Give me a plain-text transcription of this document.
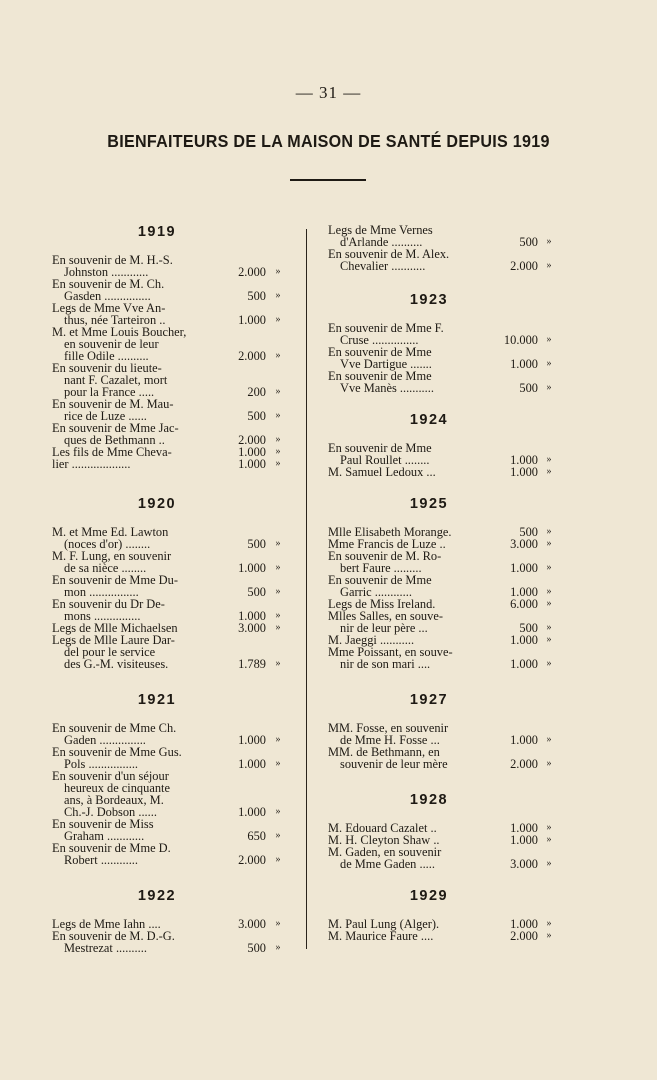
— 31 —
BIENFAITEURS DE LA MAISON DE SANTÉ DEPUIS 1919
1919
En souvenir de M. H.-S.
Johnston ............	2.000 »
En souvenir de M. Ch.
Gasden ...............	500 »
Legs de Mme Vve An-
thus, née Tarteiron ..	1.000 »
M. et Mme Louis Boucher,
en souvenir de leur
fille Odile ..........	2.000 »
En souvenir du lieute-
nant F. Cazalet, mort
pour la France .....	200 »
En souvenir de M. Mau-
rice de Luze ......	500 »
En souvenir de Mme Jac-
ques de Bethmann ..	2.000 »
Les fils de Mme Cheva-	1.000 »
lier ...................	1.000 »
1920
M. et Mme Ed. Lawton
(noces d'or) ........	500 »
M. F. Lung, en souvenir
de sa nièce ........	1.000 »
En souvenir de Mme Du-
mon ................	500 »
En souvenir du Dr De-
mons ...............	1.000 »
Legs de Mlle Michaelsen	3.000 »
Legs de Mlle Laure Dar-
del pour le service
des G.-M. visiteuses.	1.789 »
1921
En souvenir de Mme Ch.
Gaden ...............	1.000 »
En souvenir de Mme Gus.
Pols ................	1.000 »
En souvenir d'un séjour
heureux de cinquante
ans, à Bordeaux, M.
Ch.-J. Dobson ......	1.000 »
En souvenir de Miss
Graham ............	650 »
En souvenir de Mme D.
Robert ............	2.000 »
1922
Legs de Mme Iahn ....	3.000 »
En souvenir de M. D.-G.
Mestrezat ..........	500 »
Legs de Mme Vernes
d'Arlande ..........	500 »
En souvenir de M. Alex.
Chevalier ...........	2.000 »
1923
En souvenir de Mme F.
Cruse ...............	10.000 »
En souvenir de Mme
Vve Dartigue .......	1.000 »
En souvenir de Mme
Vve Manès ...........	500 »
1924
En souvenir de Mme
Paul Roullet ........	1.000 »
M. Samuel Ledoux ...	1.000 »
1925
Mlle Elisabeth Morange.	500 »
Mme Francis de Luze ..	3.000 »
En souvenir de M. Ro-
bert Faure .........	1.000 »
En souvenir de Mme
Garric ............	1.000 »
Legs de Miss Ireland.	6.000 »
Mlles Salles, en souve-
nir de leur père ...	500 »
M. Jaeggi ...........	1.000 »
Mme Poissant, en souve-
nir de son mari ....	1.000 »
1927
MM. Fosse, en souvenir
de Mme H. Fosse ...	1.000 »
MM. de Bethmann, en
souvenir de leur mère	2.000 »
1928
M. Edouard Cazalet ..	1.000 »
M. H. Cleyton Shaw ..	1.000 »
M. Gaden, en souvenir
de Mme Gaden .....	3.000 »
1929
M. Paul Lung (Alger).	1.000 »
M. Maurice Faure ....	2.000 »
